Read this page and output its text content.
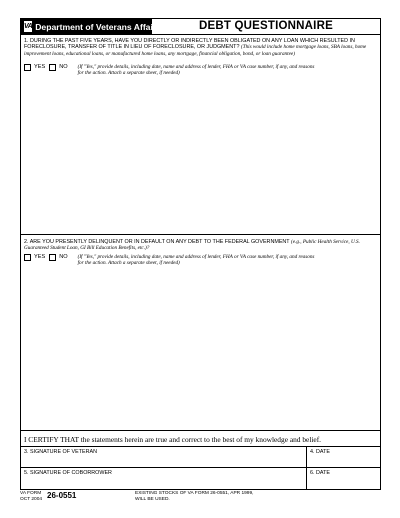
VA Department of Veterans Affairs	DEBT QUESTIONNAIRE
1. DURING THE PAST FIVE YEARS, HAVE YOU DIRECTLY OR INDIRECTLY BEEN OBLIGATED ON ANY LOAN WHICH RESULTED IN FORECLOSURE, TRANSFER OF TITLE IN LIEU OF FORECLOSURE, OR JUDGMENT? (This would include home mortgage loans, SBA loans, home improvement loans, educational loans, or manufactured home loans, any mortgage, financial obligation, bond, or loan guarantee)
YES	NO (If "Yes," provide details, including date, name and address of lender, FHA or VA case number, if any, and reasons for the action. Attach a separate sheet, if needed)
2. ARE YOU PRESENTLY DELINQUENT OR IN DEFAULT ON ANY DEBT TO THE FEDERAL GOVERNMENT (e.g., Public Health Service, U.S. Guaranteed Student Loan, GI Bill Education Benefits, etc.)?
YES	NO (If "Yes," provide details, including date, name and address of lender, FHA or VA case number, if any, and reasons for the action. Attach a separate sheet, if needed)
I CERTIFY THAT the statements herein are true and correct to the best of my knowledge and belief.
3. SIGNATURE OF VETERAN	4. DATE
5. SIGNATURE OF COBORROWER	6. DATE
VA FORM
OCT 2004 26-0551	EXISTING STOCKS OF VA FORM 26-0551, APR 1999,
WILL BE USED.
